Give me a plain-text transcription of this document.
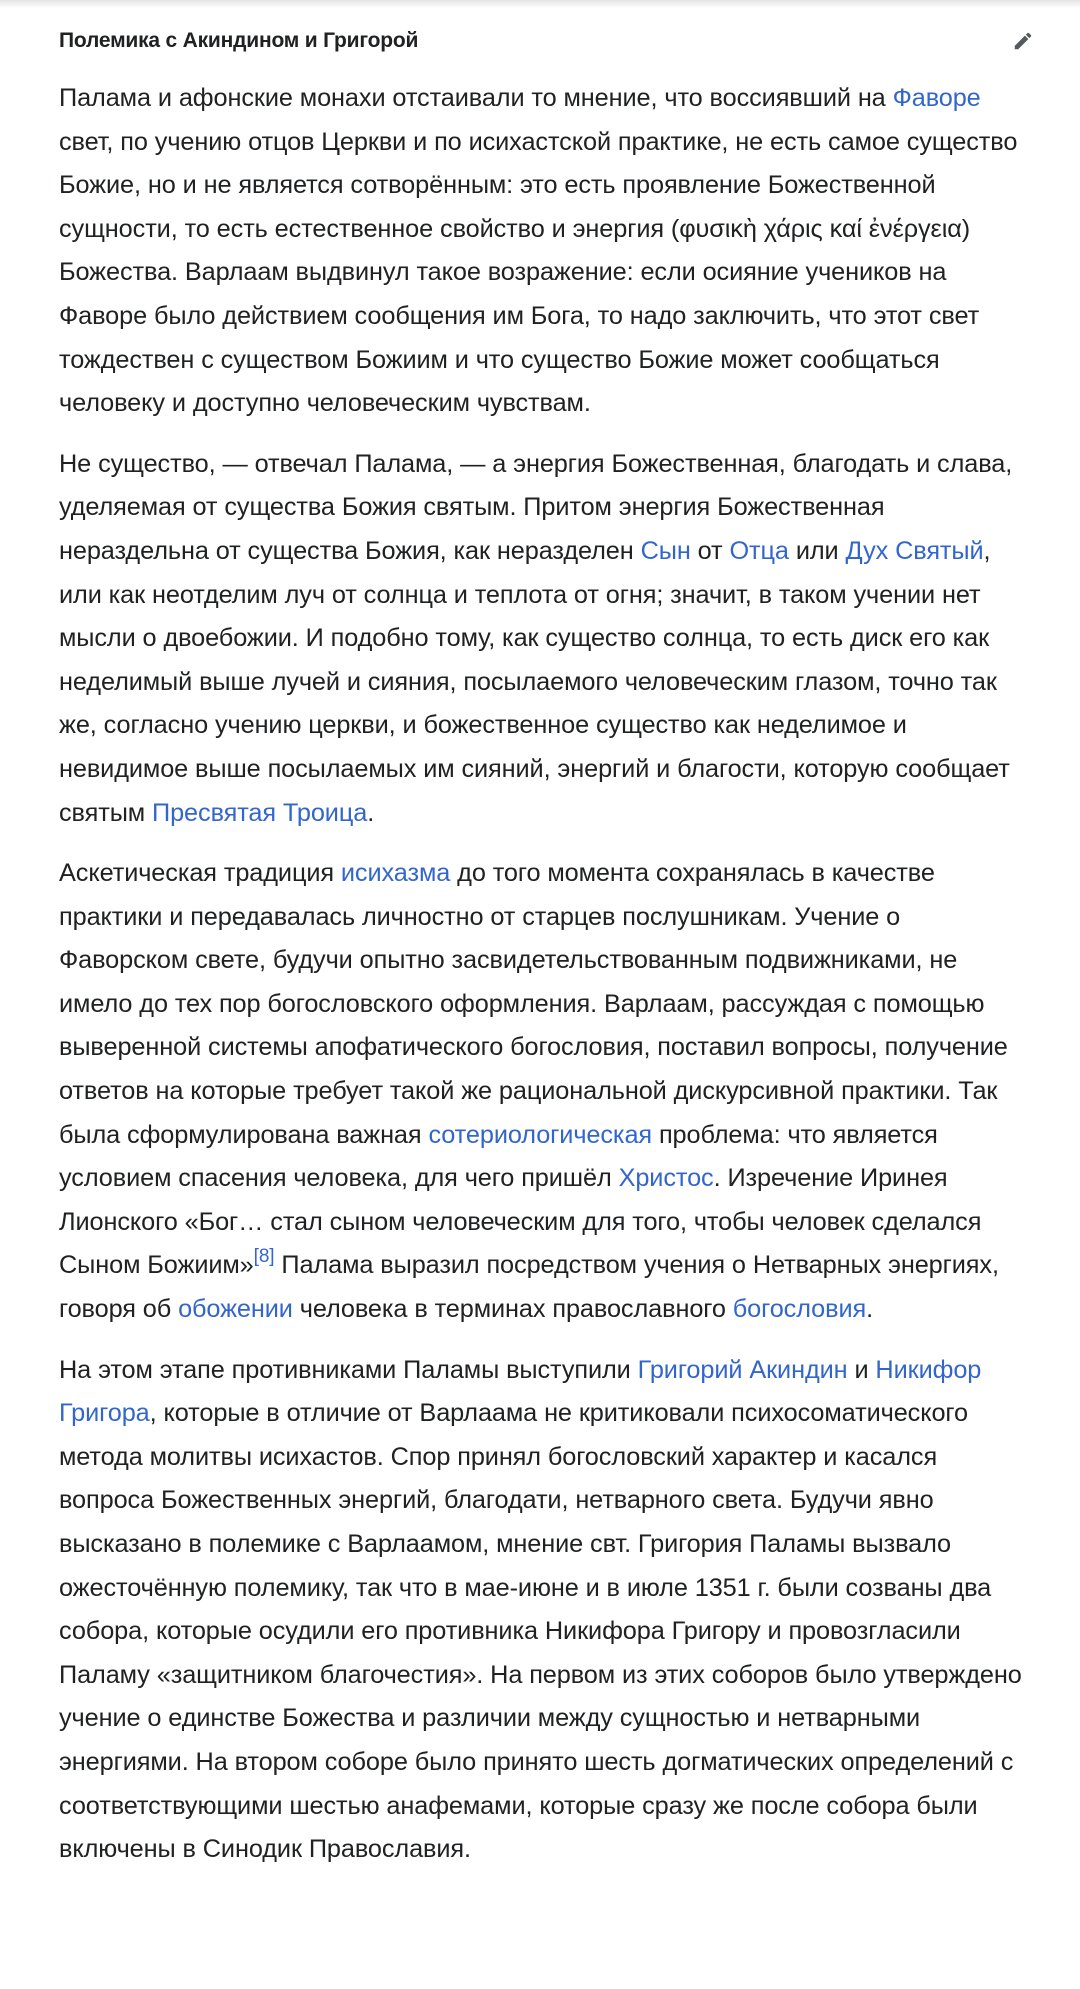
Полемика с Акиндином и Григорой

Палама и афонские монахи отстаивали то мнение, что воссиявший на Фаворе свет, по учению отцов Церкви и по исихастской практике, не есть самое существо Божие, но и не является сотворённым: это есть проявление Божественной сущности, то есть естественное свойство и энергия (φυσικὴ χάρις καί ἐνέργεια) Божества. Варлаам выдвинул такое возражение: если осияние учеников на Фаворе было действием сообщения им Бога, то надо заключить, что этот свет тождествен с существом Божиим и что существо Божие может сообщаться человеку и доступно человеческим чувствам.

Не существо, — отвечал Палама, — а энергия Божественная, благодать и слава, уделяемая от существа Божия святым. Притом энергия Божественная нераздельна от существа Божия, как неразделен Сын от Отца или Дух Святый, или как неотделим луч от солнца и теплота от огня; значит, в таком учении нет мысли о двоебожии. И подобно тому, как существо солнца, то есть диск его как неделимый выше лучей и сияния, посылаемого человеческим глазом, точно так же, согласно учению церкви, и божественное существо как неделимое и невидимое выше посылаемых им сияний, энергий и благости, которую сообщает святым Пресвятая Троица.

Аскетическая традиция исихазма до того момента сохранялась в качестве практики и передавалась личностно от старцев послушникам. Учение о Фаворском свете, будучи опытно засвидетельствованным подвижниками, не имело до тех пор богословского оформления. Варлаам, рассуждая с помощью выверенной системы апофатического богословия, поставил вопросы, получение ответов на которые требует такой же рациональной дискурсивной практики. Так была сформулирована важная сотериологическая проблема: что является условием спасения человека, для чего пришёл Христос. Изречение Иринея Лионского «Бог… стал сыном человеческим для того, чтобы человек сделался Сыном Божиим»[8] Палама выразил посредством учения о Нетварных энергиях, говоря об обожении человека в терминах православного богословия.

На этом этапе противниками Паламы выступили Григорий Акиндин и Никифор Григора, которые в отличие от Варлаама не критиковали психосоматического метода молитвы исихастов. Спор принял богословский характер и касался вопроса Божественных энергий, благодати, нетварного света. Будучи явно высказано в полемике с Варлаамом, мнение свт. Григория Паламы вызвало ожесточённую полемику, так что в мае-июне и в июле 1351 г. были созваны два собора, которые осудили его противника Никифора Григору и провозгласили Паламу «защитником благочестия». На первом из этих соборов было утверждено учение о единстве Божества и различии между сущностью и нетварными энергиями. На втором соборе было принято шесть догматических определений с соответствующими шестью анафемами, которые сразу же после собора были включены в Синодик Православия.
